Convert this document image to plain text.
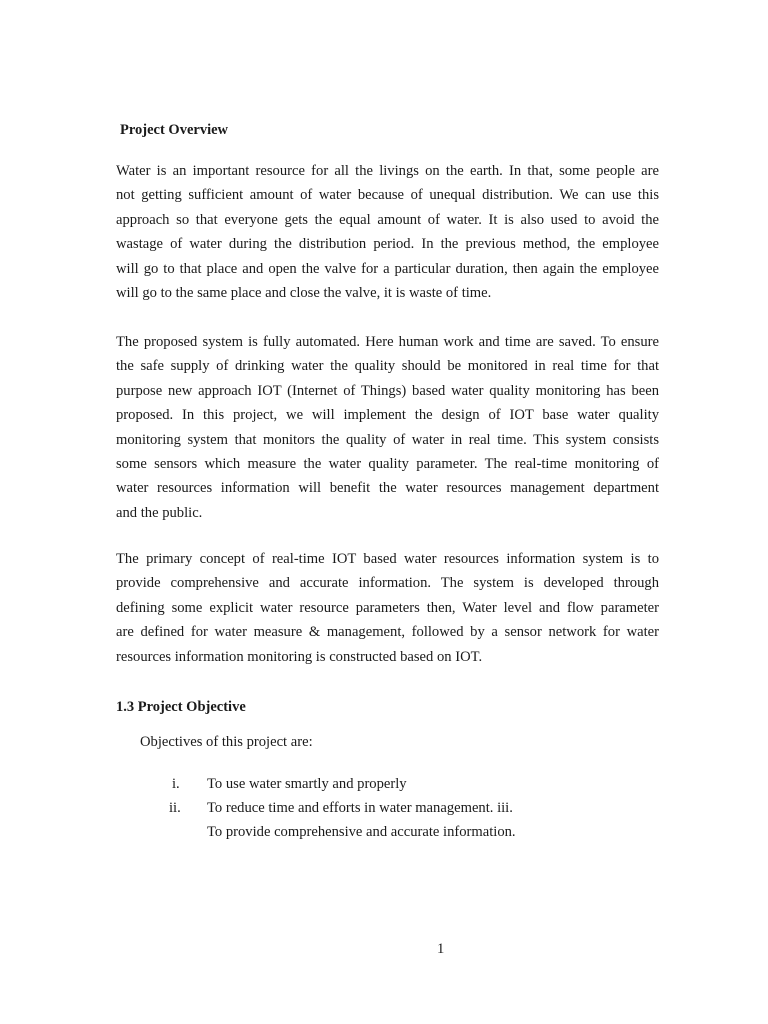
Project Overview

Water is an important resource for all the livings on the earth. In that, some people are
not getting sufficient amount of water because of unequal distribution. We can use this
approach so that everyone gets the equal amount of water. It is also used to avoid the
wastage of water during the distribution period. In the previous method, the employee
will go to that place and open the valve for a particular duration, then again the employee
will go to the same place and close the valve, it is waste of time.

The proposed system is fully automated. Here human work and time are saved. To ensure
the safe supply of drinking water the quality should be monitored in real time for that
purpose new approach IOT (Internet of Things) based water quality monitoring has been
proposed. In this project, we will implement the design of IOT base water quality
monitoring system that monitors the quality of water in real time. This system consists
some sensors which measure the water quality parameter. The real-time monitoring of
water resources information will benefit the water resources management department
and the public.

The primary concept of real-time IOT based water resources information system is to
provide comprehensive and accurate information. The system is developed through
defining some explicit water resource parameters then, Water level and flow parameter
are defined for water measure & management, followed by a sensor network for water
resources information monitoring is constructed based on IOT.

1.3 Project Objective

Objectives of this project are:

i.	To use water smartly and properly
ii.	To reduce time and efforts in water management. iii.
To provide comprehensive and accurate information.

1
